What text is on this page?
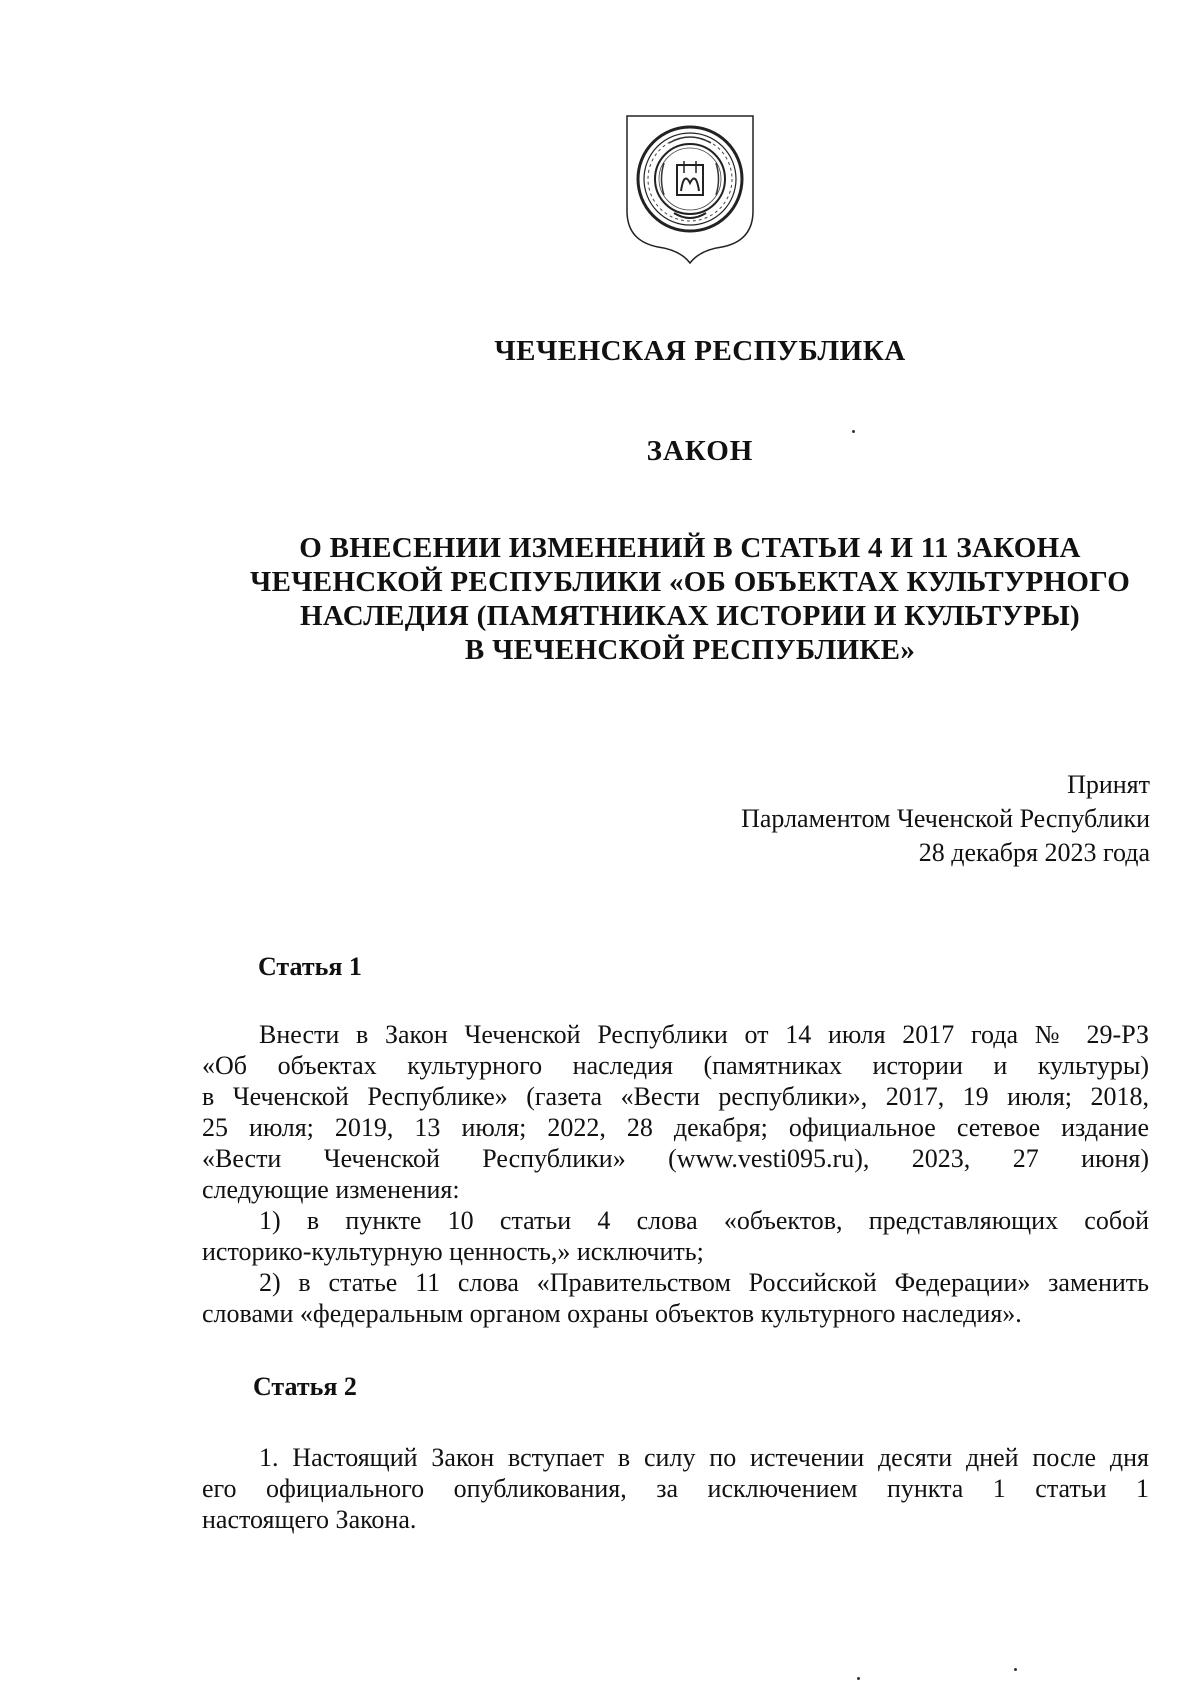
ЧЕЧЕНСКАЯ РЕСПУБЛИКА
ЗАКОН
О ВНЕСЕНИИ ИЗМЕНЕНИЙ В СТАТЬИ 4 И 11 ЗАКОНА
ЧЕЧЕНСКОЙ РЕСПУБЛИКИ «ОБ ОБЪЕКТАХ КУЛЬТУРНОГО
НАСЛЕДИЯ (ПАМЯТНИКАХ ИСТОРИИ И КУЛЬТУРЫ)
В ЧЕЧЕНСКОЙ РЕСПУБЛИКЕ»
Принят
Парламентом Чеченской Республики
28 декабря 2023 года
Статья 1
Внести в Закон Чеченской Республики от 14 июля 2017 года № 29-РЗ
«Об объектах культурного наследия (памятниках истории и культуры)
в Чеченской Республике» (газета «Вести республики», 2017, 19 июля; 2018,
25 июля; 2019, 13 июля; 2022, 28 декабря; официальное сетевое издание
«Вести Чеченской Республики» (www.vesti095.ru), 2023, 27 июня)
следующие изменения:
1) в пункте 10 статьи 4 слова «объектов, представляющих собой
историко-культурную ценность,» исключить;
2) в статье 11 слова «Правительством Российской Федерации» заменить
словами «федеральным органом охраны объектов культурного наследия».
Статья 2
1. Настоящий Закон вступает в силу по истечении десяти дней после дня
его официального опубликования, за исключением пункта 1 статьи 1
настоящего Закона.
